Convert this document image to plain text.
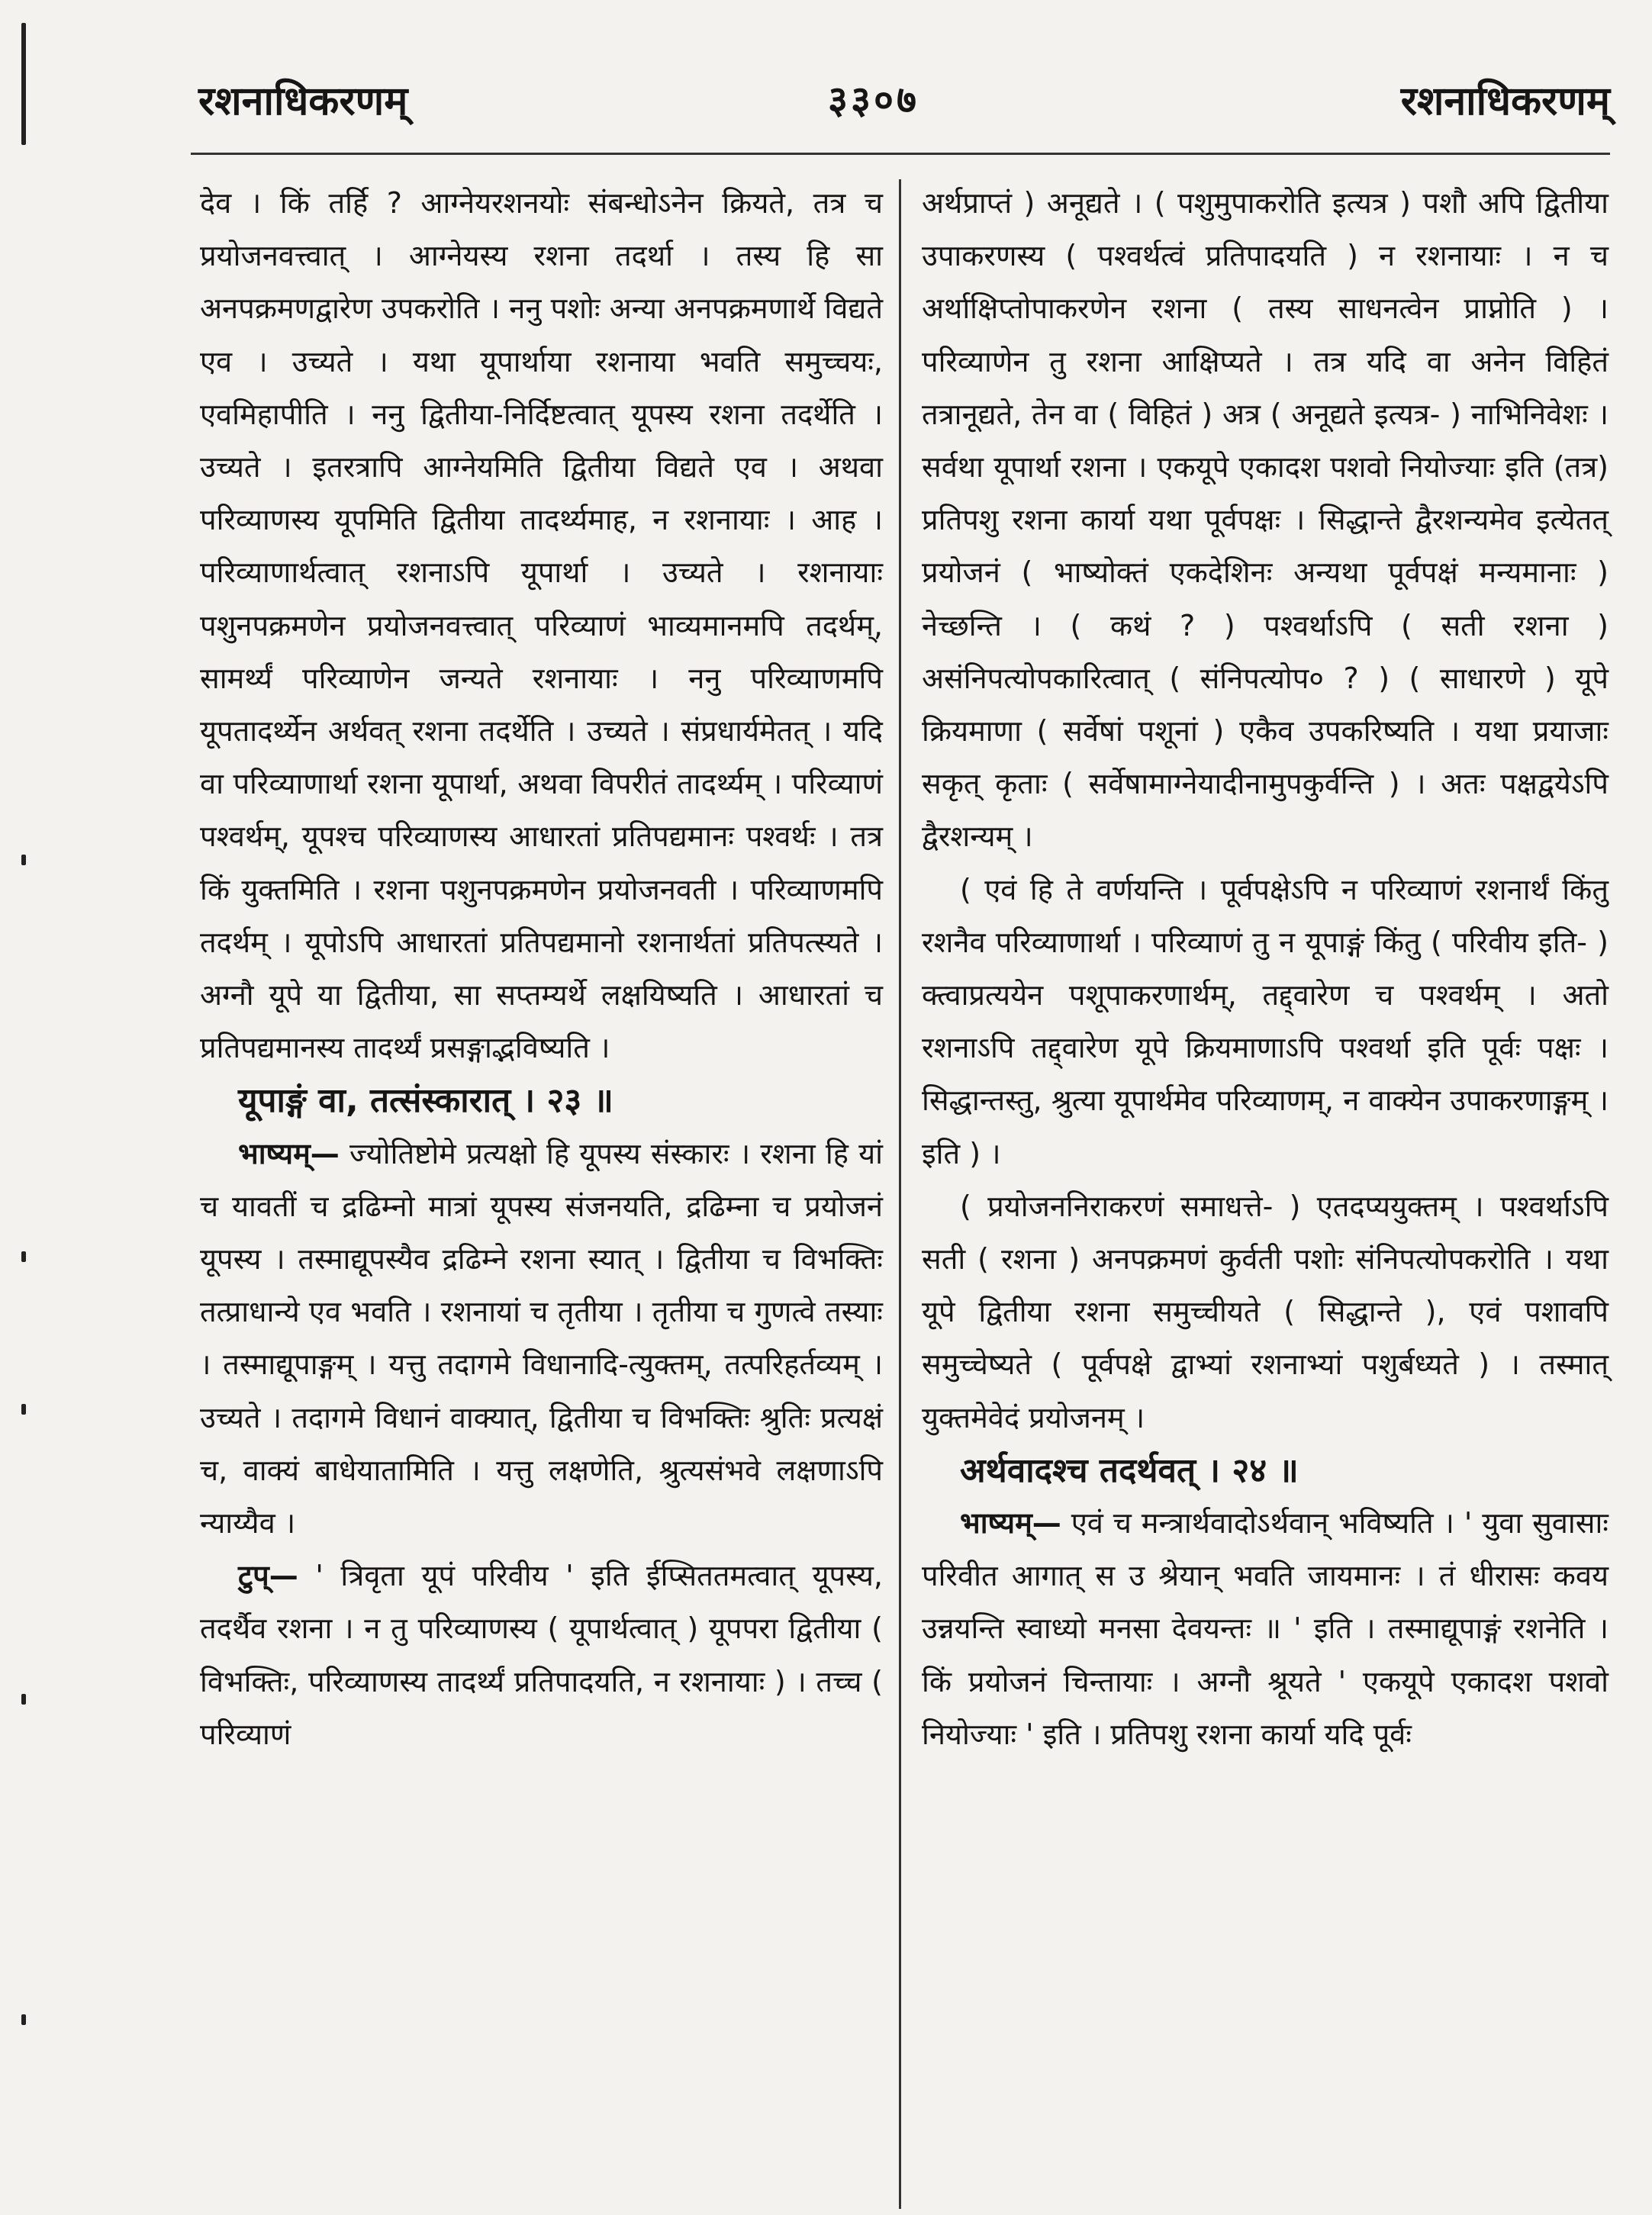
रशनाधिकरणम्	३३०७	रशनाधिकरणम्

देव । किं तर्हि ? आग्नेयरशनयोः संबन्धोऽनेन क्रियते, तत्र च प्रयोजनवत्त्वात् । आग्नेयस्य रशना तदर्था । तस्य हि सा अनपक्रमणद्वारेण उपकरोति । ननु पशोः अन्या अनपक्रमणार्थे विद्यते एव । उच्यते । यथा यूपार्थाया रशनाया भवति समुच्चयः, एवमिहापीति । ननु द्वितीया-निर्दिष्टत्वात् यूपस्य रशना तदर्थेति । उच्यते । इतरत्रापि आग्नेयमिति द्वितीया विद्यते एव । अथवा परिव्याणस्य यूपमिति द्वितीया तादर्थ्यमाह, न रशनायाः । आह । परिव्याणार्थत्वात् रशनाऽपि यूपार्था । उच्यते । रशनायाः पशुनपक्रमणेन प्रयोजनवत्त्वात् परिव्याणं भाव्यमानमपि तदर्थम्, सामर्थ्यं परिव्याणेन जन्यते रशनायाः । ननु परिव्याणमपि यूपतादर्थ्येन अर्थवत् रशना तदर्थेति । उच्यते । संप्रधार्यमेतत् । यदि वा परिव्याणार्था रशना यूपार्था, अथवा विपरीतं तादर्थ्यम् । परिव्याणं पश्वर्थम्, यूपश्च परिव्याणस्य आधारतां प्रतिपद्यमानः पश्वर्थः । तत्र किं युक्तमिति । रशना पशुनपक्रमणेन प्रयोजनवती । परिव्याणमपि तदर्थम् । यूपोऽपि आधारतां प्रतिपद्यमानो रशनार्थतां प्रतिपत्स्यते । अग्नौ यूपे या द्वितीया, सा सप्तम्यर्थे लक्षयिष्यति । आधारतां च प्रतिपद्यमानस्य तादर्थ्यं प्रसङ्गाद्भविष्यति ।

यूपाङ्गं वा, तत्संस्कारात् । २३ ॥

भाष्यम्— ज्योतिष्टोमे प्रत्यक्षो हि यूपस्य संस्कारः । रशना हि यां च यावतीं च द्रढिम्नो मात्रां यूपस्य संजनयति, द्रढिम्ना च प्रयोजनं यूपस्य । तस्माद्यूपस्यैव द्रढिम्ने रशना स्यात् । द्वितीया च विभक्तिः तत्प्राधान्ये एव भवति । रशनायां च तृतीया । तृतीया च गुणत्वे तस्याः । तस्माद्यूपाङ्गम् । यत्तु तदागमे विधानादि-त्युक्तम्, तत्परिहर्तव्यम् । उच्यते । तदागमे विधानं वाक्यात्, द्वितीया च विभक्तिः श्रुतिः प्रत्यक्षं च, वाक्यं बाधेयातामिति । यत्तु लक्षणेति, श्रुत्यसंभवे लक्षणाऽपि न्याय्यैव ।

टुप्— ' त्रिवृता यूपं परिवीय ' इति ईप्सिततमत्वात् यूपस्य, तदर्थैव रशना । न तु परिव्याणस्य ( यूपार्थत्वात् ) यूपपरा द्वितीया ( विभक्तिः, परिव्याणस्य तादर्थ्यं प्रतिपादयति, न रशनायाः ) । तच्च ( परिव्याणं

अर्थप्राप्तं ) अनूद्यते । ( पशुमुपाकरोति इत्यत्र ) पशौ अपि द्वितीया उपाकरणस्य ( पश्वर्थत्वं प्रतिपादयति ) न रशनायाः । न च अर्थाक्षिप्तोपाकरणेन रशना ( तस्य साधनत्वेन प्राप्नोति ) । परिव्याणेन तु रशना आक्षिप्यते । तत्र यदि वा अनेन विहितं तत्रानूद्यते, तेन वा ( विहितं ) अत्र ( अनूद्यते इत्यत्र- ) नाभिनिवेशः । सर्वथा यूपार्था रशना । एकयूपे एकादश पशवो नियोज्याः इति (तत्र) प्रतिपशु रशना कार्या यथा पूर्वपक्षः । सिद्धान्ते द्वैरशन्यमेव इत्येतत् प्रयोजनं ( भाष्योक्तं एकदेशिनः अन्यथा पूर्वपक्षं मन्यमानाः ) नेच्छन्ति । ( कथं ? ) पश्वर्थाऽपि ( सती रशना ) असंनिपत्योपकारित्वात् ( संनिपत्योप० ? ) ( साधारणे ) यूपे क्रियमाणा ( सर्वेषां पशूनां ) एकैव उपकरिष्यति । यथा प्रयाजाः सकृत् कृताः ( सर्वेषामाग्नेयादीनामुपकुर्वन्ति ) । अतः पक्षद्वयेऽपि द्वैरशन्यम् ।

( एवं हि ते वर्णयन्ति । पूर्वपक्षेऽपि न परिव्याणं रशनार्थं किंतु रशनैव परिव्याणार्था । परिव्याणं तु न यूपाङ्गं किंतु ( परिवीय इति- ) क्त्वाप्रत्ययेन पशूपाकरणार्थम्, तद्द्वारेण च पश्वर्थम् । अतो रशनाऽपि तद्द्वारेण यूपे क्रियमाणाऽपि पश्वर्था इति पूर्वः पक्षः । सिद्धान्तस्तु, श्रुत्या यूपार्थमेव परिव्याणम्, न वाक्येन उपाकरणाङ्गम् । इति ) ।

( प्रयोजननिराकरणं समाधत्ते- ) एतदप्ययुक्तम् । पश्वर्थाऽपि सती ( रशना ) अनपक्रमणं कुर्वती पशोः संनिपत्योपकरोति । यथा यूपे द्वितीया रशना समुच्चीयते ( सिद्धान्ते ), एवं पशावपि समुच्चेष्यते ( पूर्वपक्षे द्वाभ्यां रशनाभ्यां पशुर्बध्यते ) । तस्मात् युक्तमेवेदं प्रयोजनम् ।

अर्थवादश्च तदर्थवत् । २४ ॥

भाष्यम्— एवं च मन्त्रार्थवादोऽर्थवान् भविष्यति । ' युवा सुवासाः परिवीत आगात् स उ श्रेयान् भवति जायमानः । तं धीरासः कवय उन्नयन्ति स्वाध्यो मनसा देवयन्तः ॥ ' इति । तस्माद्यूपाङ्गं रशनेति । किं प्रयोजनं चिन्तायाः । अग्नौ श्रूयते ' एकयूपे एकादश पशवो नियोज्याः ' इति । प्रतिपशु रशना कार्या यदि पूर्वः
